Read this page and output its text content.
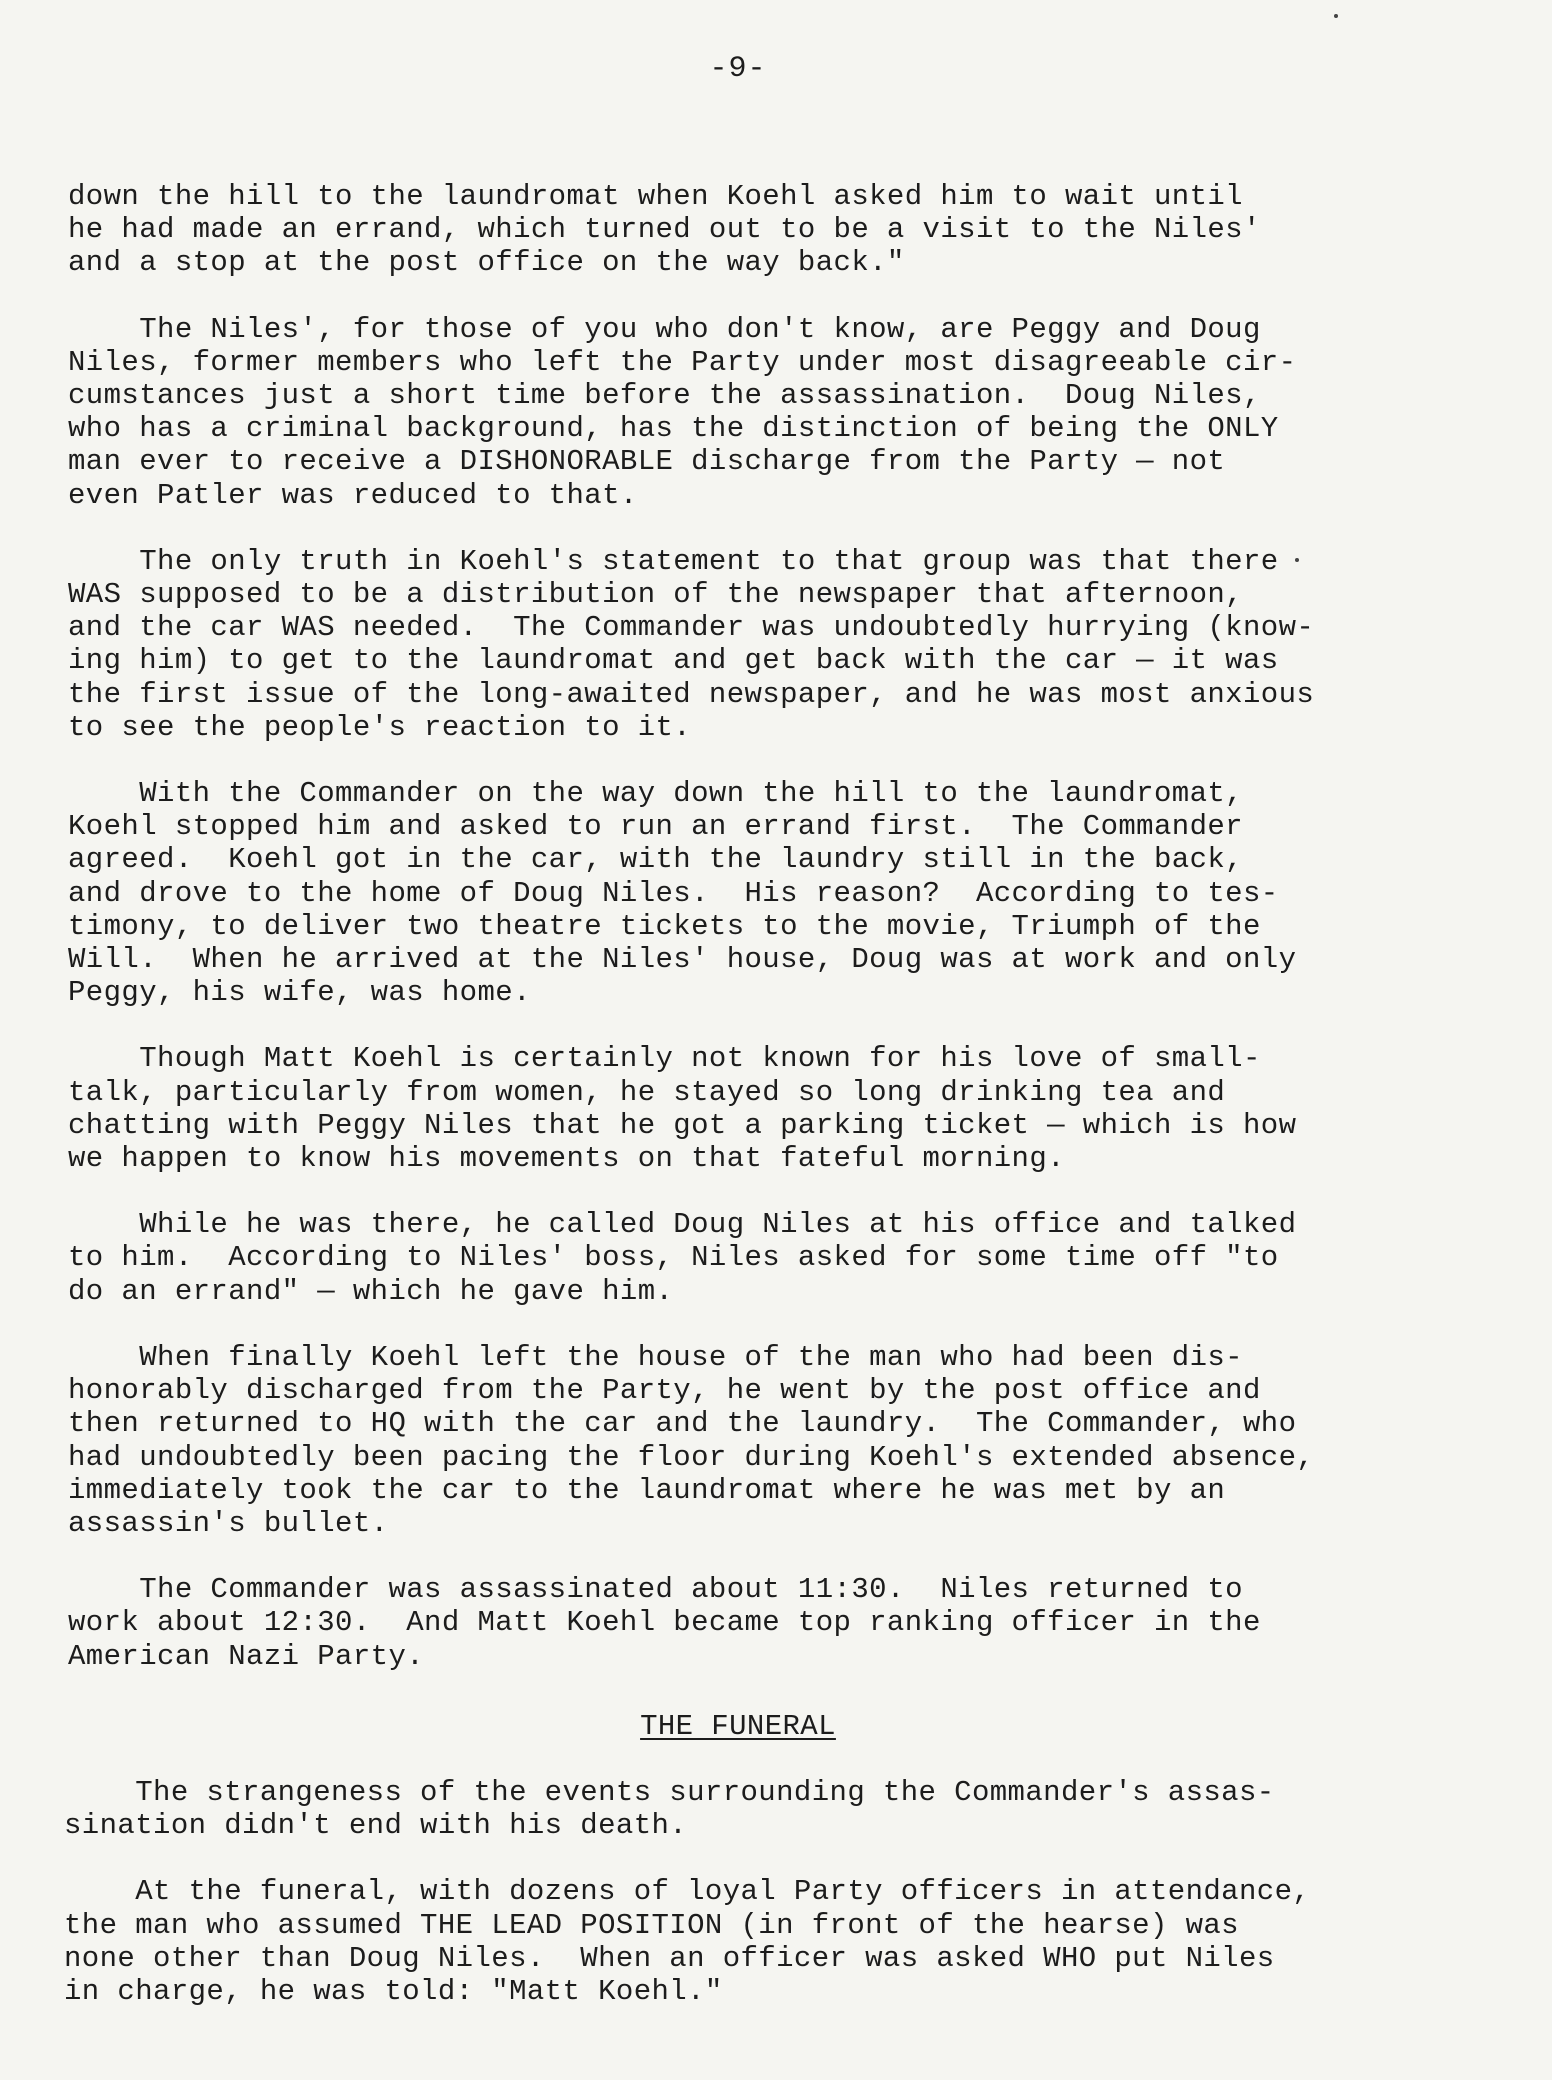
-9-
down the hill to the laundromat when Koehl asked him to wait until
he had made an errand, which turned out to be a visit to the Niles'
and a stop at the post office on the way back."
The Niles', for those of you who don't know, are Peggy and Doug
Niles, former members who left the Party under most disagreeable cir-
cumstances just a short time before the assassination.  Doug Niles,
who has a criminal background, has the distinction of being the ONLY
man ever to receive a DISHONORABLE discharge from the Party — not
even Patler was reduced to that.
The only truth in Koehl's statement to that group was that there
WAS supposed to be a distribution of the newspaper that afternoon,
and the car WAS needed.  The Commander was undoubtedly hurrying (know-
ing him) to get to the laundromat and get back with the car — it was
the first issue of the long-awaited newspaper, and he was most anxious
to see the people's reaction to it.
With the Commander on the way down the hill to the laundromat,
Koehl stopped him and asked to run an errand first.  The Commander
agreed.  Koehl got in the car, with the laundry still in the back,
and drove to the home of Doug Niles.  His reason?  According to tes-
timony, to deliver two theatre tickets to the movie, Triumph of the
Will.  When he arrived at the Niles' house, Doug was at work and only
Peggy, his wife, was home.
Though Matt Koehl is certainly not known for his love of small-
talk, particularly from women, he stayed so long drinking tea and
chatting with Peggy Niles that he got a parking ticket — which is how
we happen to know his movements on that fateful morning.
While he was there, he called Doug Niles at his office and talked
to him.  According to Niles' boss, Niles asked for some time off "to
do an errand" — which he gave him.
When finally Koehl left the house of the man who had been dis-
honorably discharged from the Party, he went by the post office and
then returned to HQ with the car and the laundry.  The Commander, who
had undoubtedly been pacing the floor during Koehl's extended absence,
immediately took the car to the laundromat where he was met by an
assassin's bullet.
The Commander was assassinated about 11:30.  Niles returned to
work about 12:30.  And Matt Koehl became top ranking officer in the
American Nazi Party.
THE FUNERAL
The strangeness of the events surrounding the Commander's assas-
sination didn't end with his death.
At the funeral, with dozens of loyal Party officers in attendance,
the man who assumed THE LEAD POSITION (in front of the hearse) was
none other than Doug Niles.  When an officer was asked WHO put Niles
in charge, he was told: "Matt Koehl."
